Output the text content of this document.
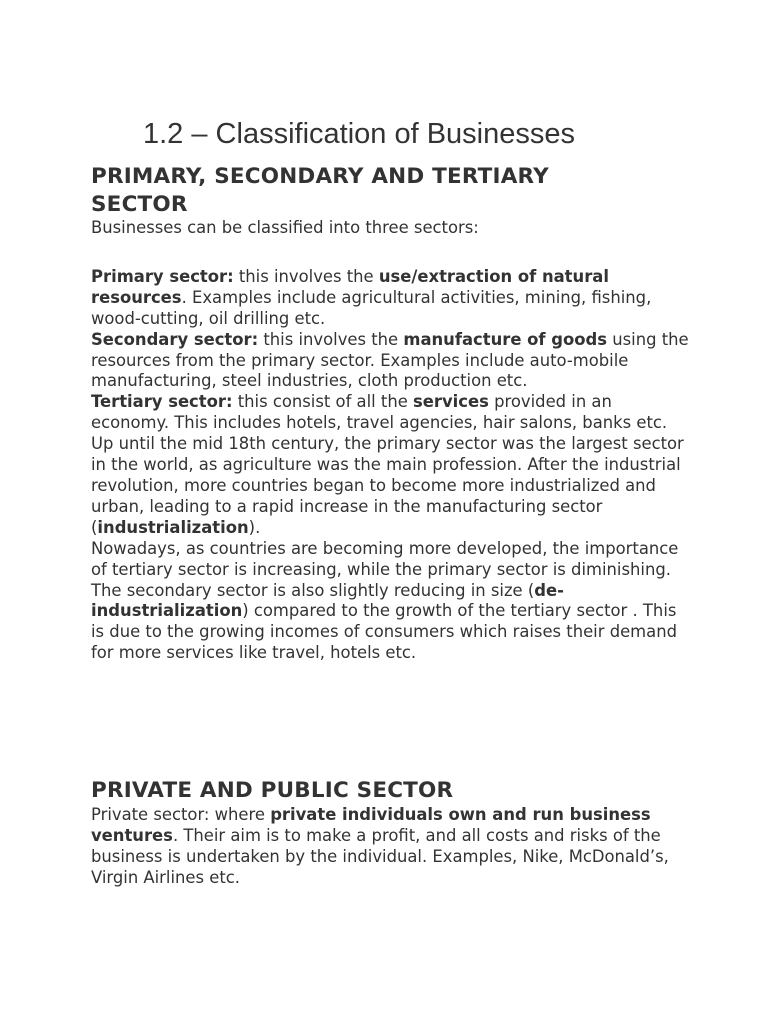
1.2 – Classification of Businesses
PRIMARY, SECONDARY AND TERTIARY
SECTOR

Businesses can be classified into three sectors:

Primary sector: this involves the use/extraction of natural resources. Examples include agricultural activities, mining, fishing, wood-cutting, oil drilling etc.

Secondary sector: this involves the manufacture of goods using the resources from the primary sector. Examples include auto-mobile manufacturing, steel industries, cloth production etc.

Tertiary sector: this consist of all the services provided in an economy. This includes hotels, travel agencies, hair salons, banks etc.

Up until the mid 18th century, the primary sector was the largest sector in the world, as agriculture was the main profession. After the industrial revolution, more countries began to become more industrialized and urban, leading to a rapid increase in the manufacturing sector (industrialization).

Nowadays, as countries are becoming more developed, the importance of tertiary sector is increasing, while the primary sector is diminishing. The secondary sector is also slightly reducing in size (de-industrialization) compared to the growth of the tertiary sector . This is due to the growing incomes of consumers which raises their demand for more services like travel, hotels etc.

PRIVATE AND PUBLIC SECTOR

Private sector: where private individuals own and run business ventures. Their aim is to make a profit, and all costs and risks of the business is undertaken by the individual. Examples, Nike, McDonald’s, Virgin Airlines etc.
